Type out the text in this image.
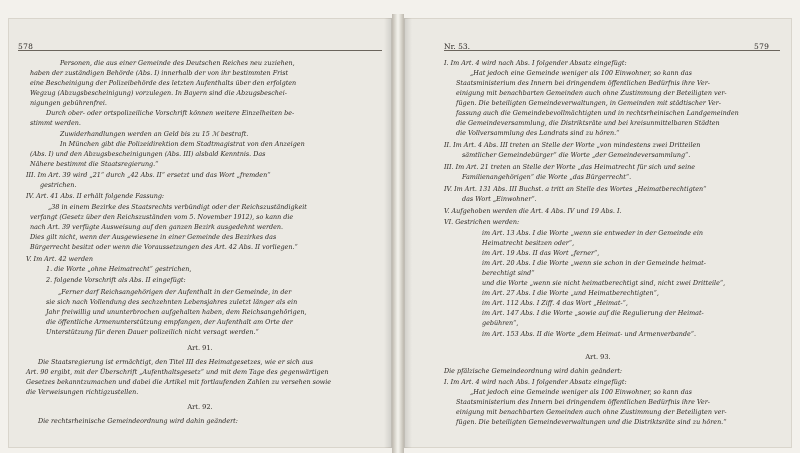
578
Personen, die aus einer Gemeinde des Deutschen Reiches neu zuziehen,
haben der zuständigen Behörde (Abs. I) innerhalb der von ihr bestimmten Frist
eine Bescheinigung der Polizeibehörde des letzten Aufenthalts über den erfolgten
Wegzug (Abzugsbescheinigung) vorzulegen. In Bayern sind die Abzugsbeschei-
nigungen gebührenfrei.
Durch ober- oder ortspolizeiliche Vorschrift können weitere Einzelheiten be-
stimmt werden.
Zuwiderhandlungen werden an Geld bis zu 15 ℳ bestraft.
In München gibt die Polizeidirektion dem Stadtmagistrat von den Anzeigen
(Abs. I) und den Abzugsbescheinigungen (Abs. III) alsbald Kenntnis. Das
Nähere bestimmt die Staatsregierung.“
III. Im Art. 39 wird „21“ durch „42 Abs. II“ ersetzt und das Wort „fremden“
gestrichen.
IV. Art. 41 Abs. II erhält folgende Fassung:
„38 in einem Bezirke des Staatsrechts verbündigt oder der Reichszuständigkeit
verfangt (Gesetz über den Reichszuständen vom 5. November 1912), so kann die
nach Art. 39 verfügte Ausweisung auf den ganzen Bezirk ausgedehnt werden.
Dies gilt nicht, wenn der Ausgewiesene in einer Gemeinde des Bezirkes das
Bürgerrecht besitzt oder wenn die Voraussetzungen des Art. 42 Abs. II vorliegen.“
V. Im Art. 42 werden
1. die Worte „ohne Heimatrecht“ gestrichen,
2. folgende Vorschrift als Abs. II eingefügt:
„Ferner darf Reichsangehörigen der Aufenthalt in der Gemeinde, in der
sie sich nach Vollendung des sechzehnten Lebensjahres zuletzt länger als ein
Jahr freiwillig und ununterbrochen aufgehalten haben, dem Reichsangehörigen,
die öffentliche Armenunterstützung empfangen, der Aufenthalt am Orte der
Unterstützung für deren Dauer polizeilich nicht versagt werden.“
Art. 91.
Die Staatsregierung ist ermächtigt, den Titel III des Heimatgesetzes, wie er sich aus
Art. 90 ergibt, mit der Überschrift „Aufenthaltsgesetz“ und mit dem Tage des gegenwärtigen
Gesetzes bekanntzumachen und dabei die Artikel mit fortlaufenden Zahlen zu versehen sowie
die Verweisungen richtigzustellen.
Art. 92.
Die rechtsrheinische Gemeindeordnung wird dahin geändert:
Nr. 53.	579
I. Im Art. 4 wird nach Abs. I folgender Absatz eingefügt:
„Hat jedoch eine Gemeinde weniger als 100 Einwohner, so kann das
Staatsministerium des Innern bei dringendem öffentlichen Bedürfnis ihre Ver-
einigung mit benachbarten Gemeinden auch ohne Zustimmung der Beteiligten ver-
fügen. Die beteiligten Gemeindeverwaltungen, in Gemeinden mit städtischer Ver-
fassung auch die Gemeindebevollmächtigten und in rechtsrheinischen Landgemeinden
die Gemeindeversammlung, die Distriktsräte und bei kreisunmittelbaren Städten
die Vollversammlung des Landrats sind zu hören.“
II. Im Art. 4 Abs. III treten an Stelle der Worte „von mindestens zwei Dritteilen
sämtlicher Gemeindebürger“ die Worte „der Gemeindeversammlung“.
III. Im Art. 21 treten an Stelle der Worte „das Heimatrecht für sich und seine
Familienangehörigen“ die Worte „das Bürgerrecht“.
IV. Im Art. 131 Abs. III Buchst. a tritt an Stelle des Wortes „Heimatberechtigten“
das Wort „Einwohner“.
V. Aufgehoben werden die Art. 4 Abs. IV und 19 Abs. I.
VI. Gestrichen werden:
im Art. 13 Abs. I die Worte „wenn sie entweder in der Gemeinde ein
Heimatrecht besitzen oder“,
im Art. 19 Abs. II das Wort „ferner“,
im Art. 20 Abs. I die Worte „wenn sie schon in der Gemeinde heimat-
berechtigt sind“
und die Worte „wenn sie nicht heimatberechtigt sind, nicht zwei Dritteile“,
im Art. 27 Abs. I die Worte „und Heimatberechtigten“,
im Art. 112 Abs. I Ziff. 4 das Wort „Heimat-“,
im Art. 147 Abs. I die Worte „sowie auf die Regulierung der Heimat-
gebühren“,
im Art. 153 Abs. II die Worte „dem Heimat- und Armenverbande“.
Art. 93.
Die pfälzische Gemeindeordnung wird dahin geändert:
I. Im Art. 4 wird nach Abs. I folgender Absatz eingefügt:
„Hat jedoch eine Gemeinde weniger als 100 Einwohner, so kann das
Staatsministerium des Innern bei dringendem öffentlichen Bedürfnis ihre Ver-
einigung mit benachbarten Gemeinden auch ohne Zustimmung der Beteiligten ver-
fügen. Die beteiligten Gemeindeverwaltungen und die Distriktsräte sind zu hören.“
